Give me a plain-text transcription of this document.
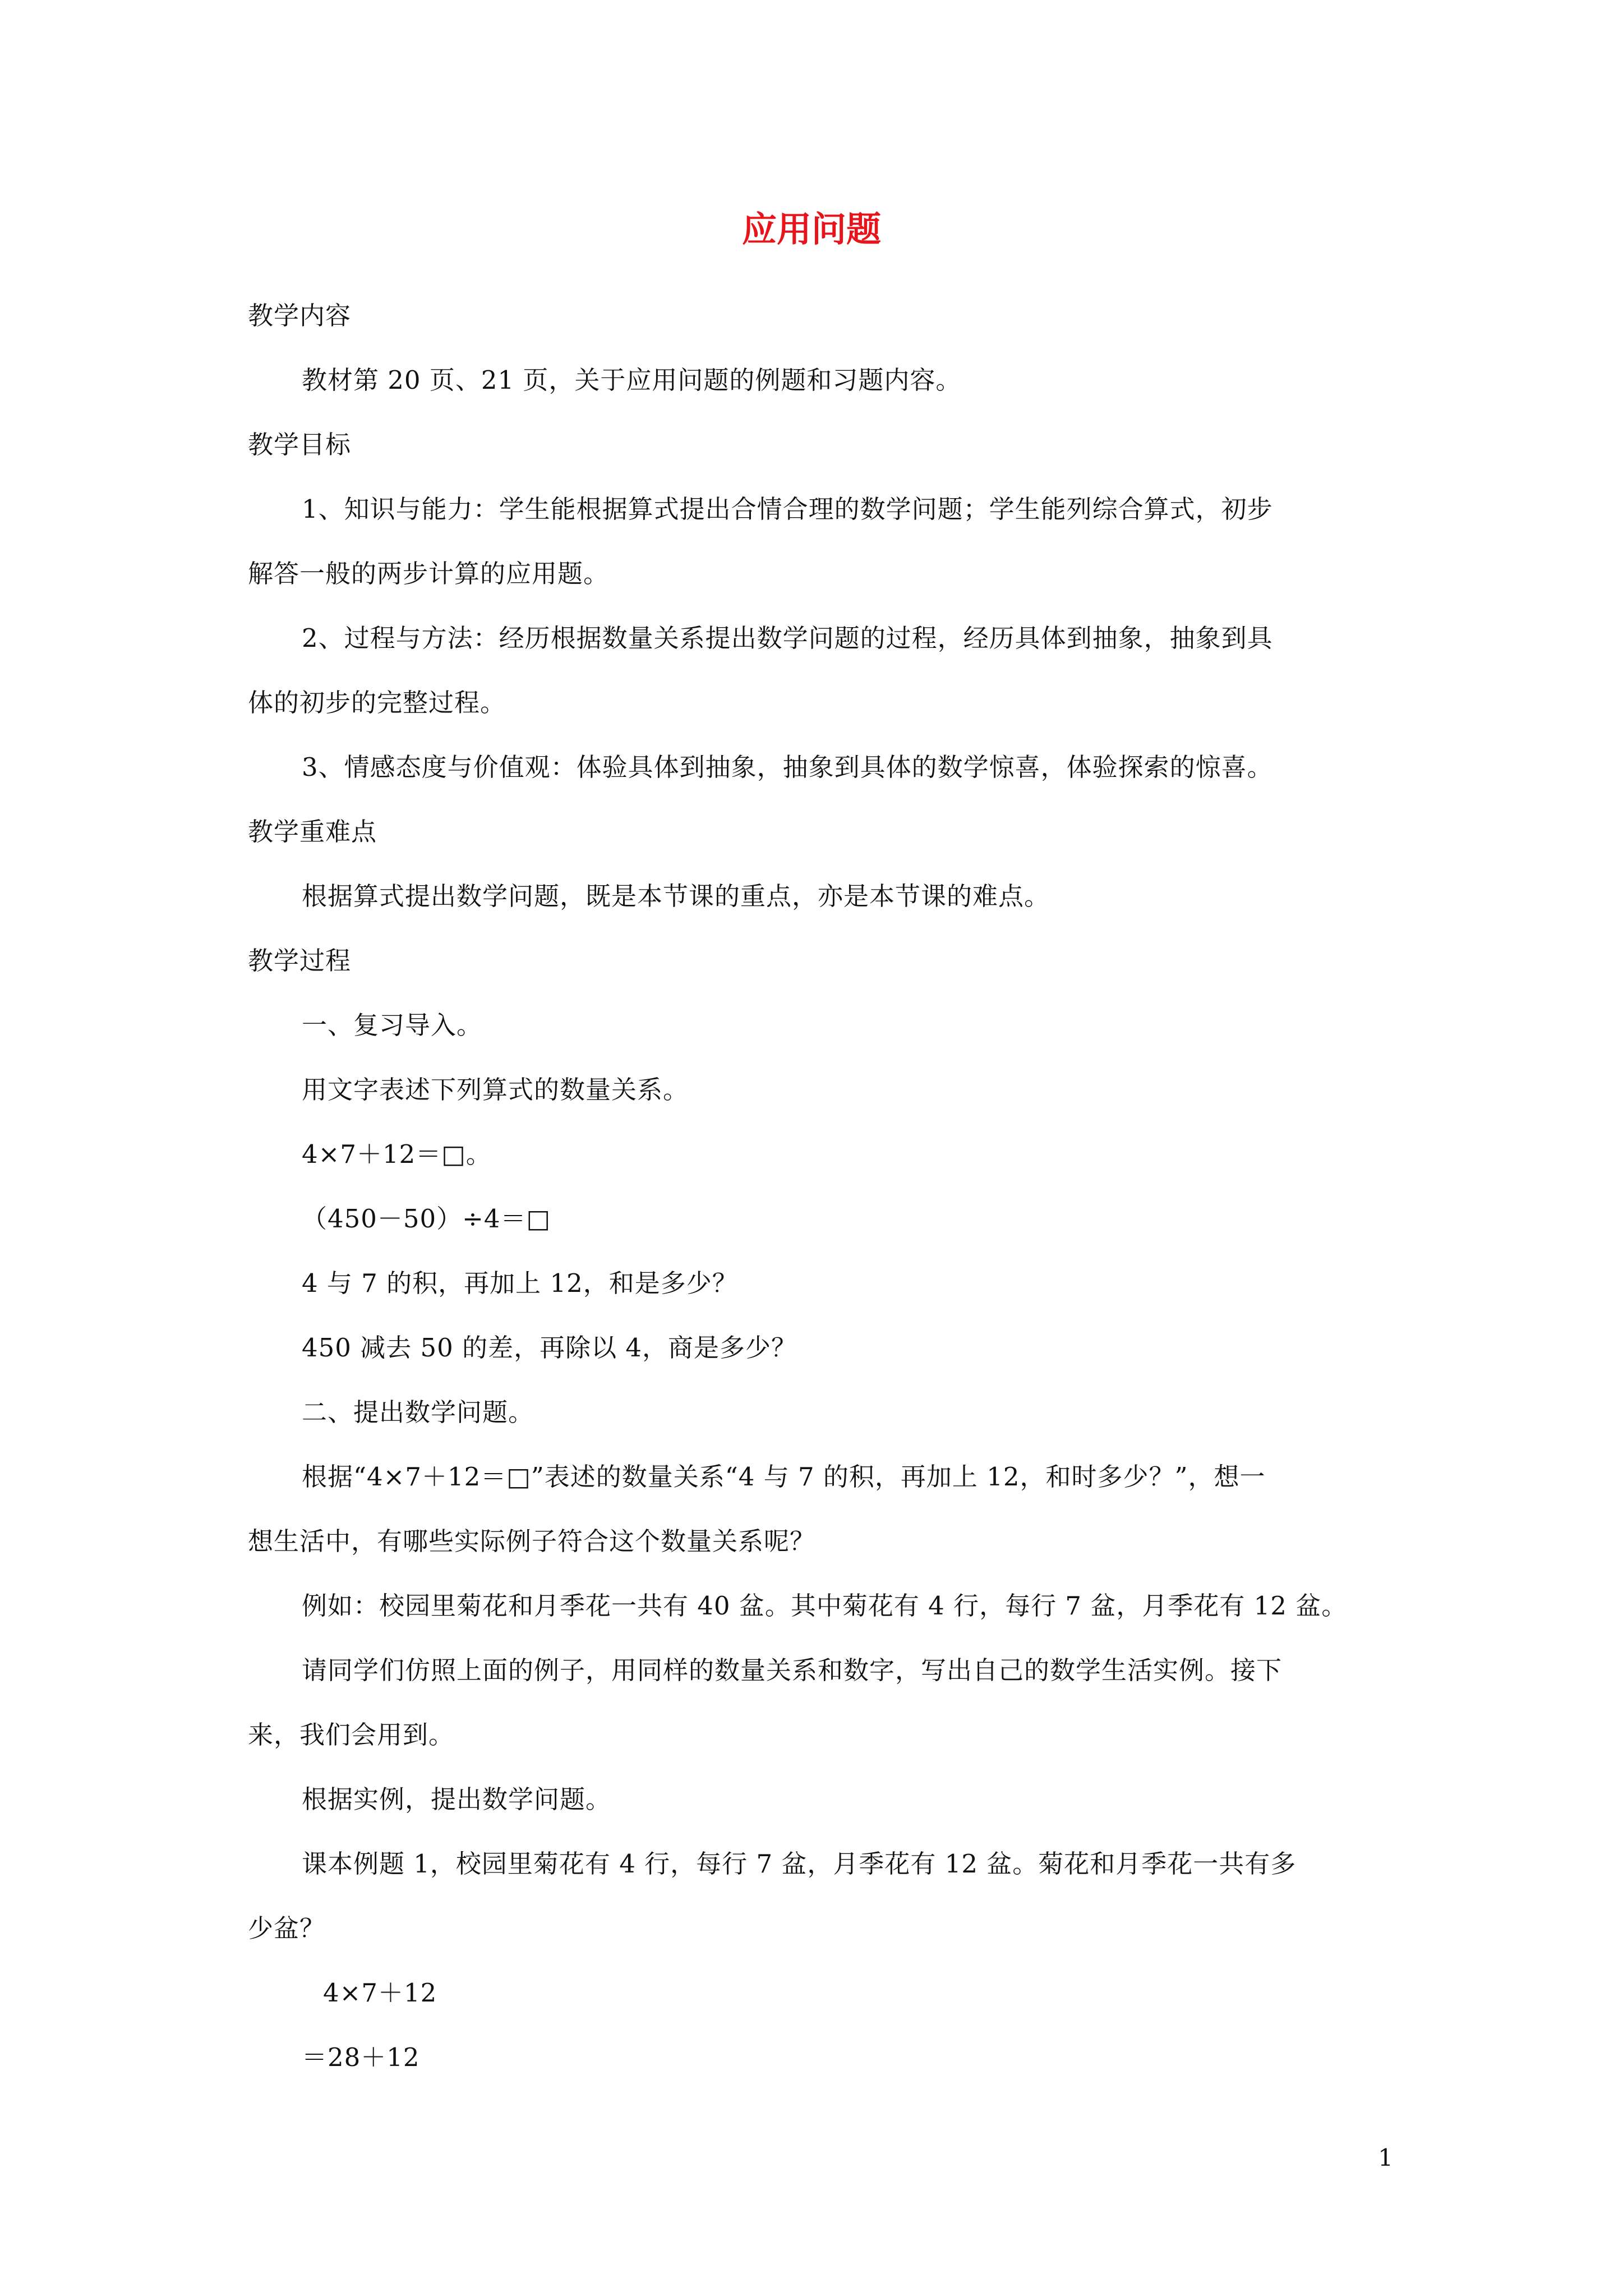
应用问题
教学内容
教材第 20 页、21 页，关于应用问题的例题和习题内容。
教学目标
1、知识与能力：学生能根据算式提出合情合理的数学问题；学生能列综合算式，初步
解答一般的两步计算的应用题。
2、过程与方法：经历根据数量关系提出数学问题的过程，经历具体到抽象，抽象到具
体的初步的完整过程。
3、情感态度与价值观：体验具体到抽象，抽象到具体的数学惊喜，体验探索的惊喜。
教学重难点
根据算式提出数学问题，既是本节课的重点，亦是本节课的难点。
教学过程
一、复习导入。
用文字表述下列算式的数量关系。
4×7＋12＝□。
（450－50）÷4＝□
4 与 7 的积，再加上 12，和是多少？
450 减去 50 的差，再除以 4，商是多少？
二、提出数学问题。
根据“4×7＋12＝□”表述的数量关系“4 与 7 的积，再加上 12，和时多少？”，想一
想生活中，有哪些实际例子符合这个数量关系呢？
例如：校园里菊花和月季花一共有 40 盆。其中菊花有 4 行，每行 7 盆，月季花有 12 盆。
请同学们仿照上面的例子，用同样的数量关系和数字，写出自己的数学生活实例。接下
来，我们会用到。
根据实例，提出数学问题。
课本例题 1，校园里菊花有 4 行，每行 7 盆，月季花有 12 盆。菊花和月季花一共有多
少盆？
4×7＋12
＝28＋12
1
